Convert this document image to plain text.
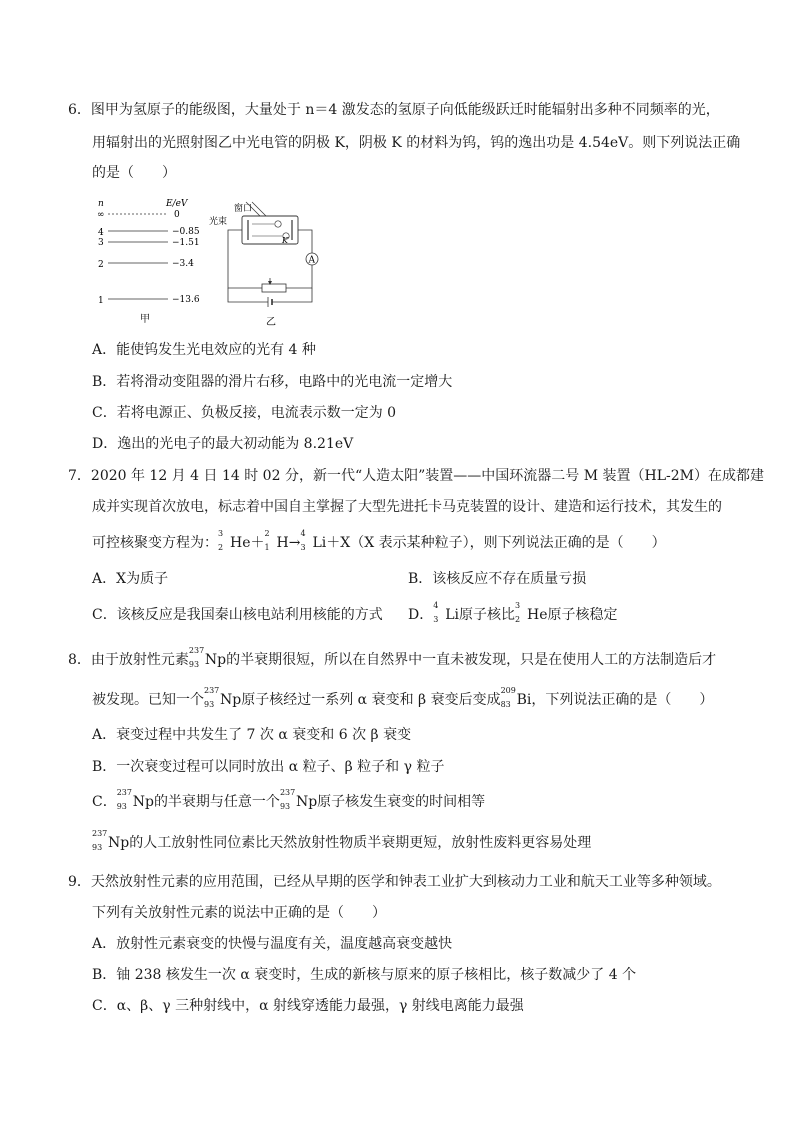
6．图甲为氢原子的能级图，大量处于 n＝4 激发态的氢原子向低能级跃迁时能辐射出多种不同频率的光，
用辐射出的光照射图乙中光电管的阴极 K，阴极 K 的材料为钨，钨的逸出功是 4.54eV。则下列说法正确
的是（　　）
n	E/eV
∞	0
4	−0.85
3	−1.51
2	−3.4
1	−13.6
甲
窗口
光束
K
A
乙
A．能使钨发生光电效应的光有 4 种
B．若将滑动变阻器的滑片右移，电路中的光电流一定增大
C．若将电源正、负极反接，电流表示数一定为 0
D．逸出的光电子的最大初动能为 8.21eV
7．2020 年 12 月 4 日 14 时 02 分，新一代“人造太阳”装置——中国环流器二号 M 装置（HL-2M）在成都建
成并实现首次放电，标志着中国自主掌握了大型先进托卡马克装置的设计、建造和运行技术，其发生的
可控核聚变方程为：
3
2 He＋
2
1 H→
4
3 Li＋X（X 表示某种粒子），则下列说法正确的是（　　）
A．X为质子	B．该核反应不存在质量亏损
C．该核反应是我国秦山核电站利用核能的方式 D．
4
3 Li原子核比
3
2 He原子核稳定
8．由于放射性元素
237
93 Np的半衰期很短，所以在自然界中一直未被发现，只是在使用人工的方法制造后才
被发现。已知一个
237
93 Np原子核经过一系列 α 衰变和 β 衰变后变成
209
83 Bi，下列说法正确的是（　　）
A．衰变过程中共发生了 7 次 α 衰变和 6 次 β 衰变
B．一次衰变过程可以同时放出 α 粒子、β 粒子和 γ 粒子
C．
237
93 Np的半衰期与任意一个
237
93 Np原子核发生衰变的时间相等
237
93 Np的人工放射性同位素比天然放射性物质半衰期更短，放射性废料更容易处理
9．天然放射性元素的应用范围，已经从早期的医学和钟表工业扩大到核动力工业和航天工业等多种领域。
下列有关放射性元素的说法中正确的是（　　）
A．放射性元素衰变的快慢与温度有关，温度越高衰变越快
B．铀 238 核发生一次 α 衰变时，生成的新核与原来的原子核相比，核子数减少了 4 个
C．α、β、γ 三种射线中，α 射线穿透能力最强，γ 射线电离能力最强
